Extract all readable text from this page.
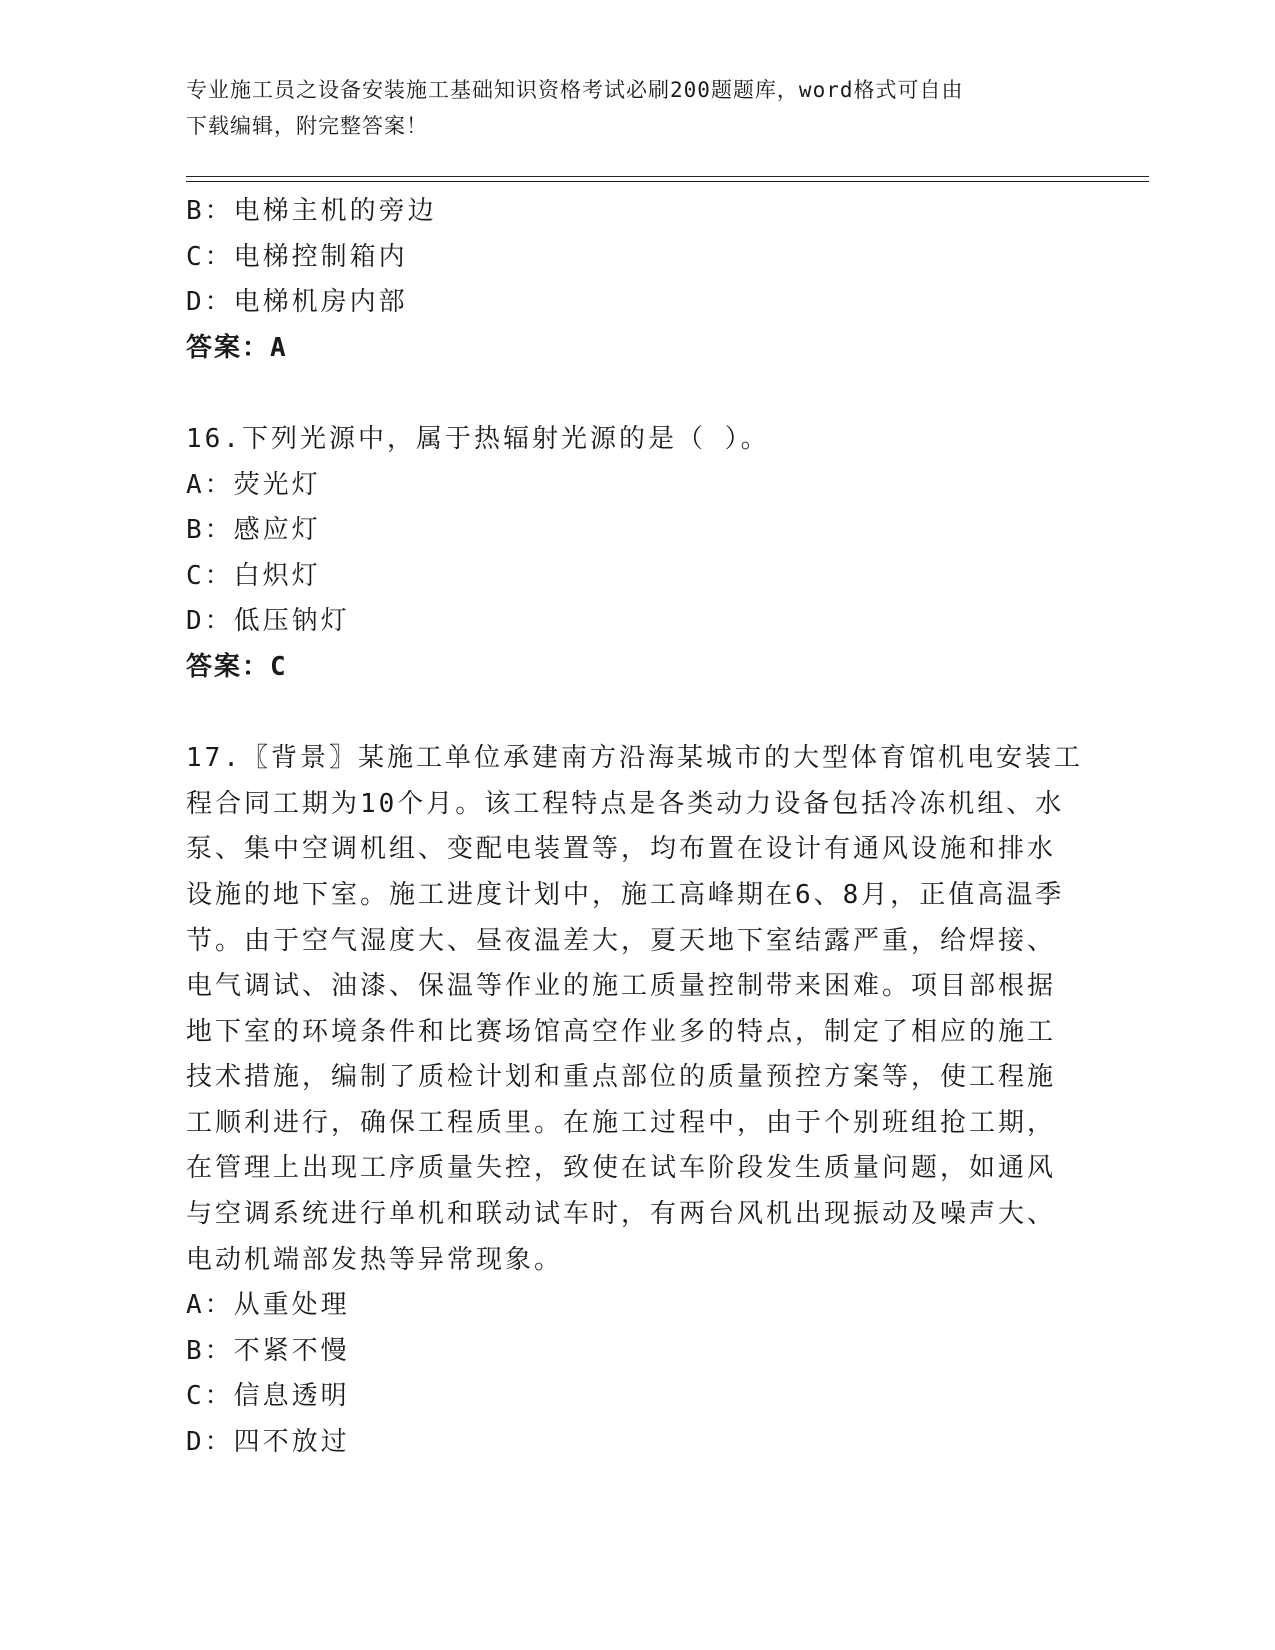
专业施工员之设备安装施工基础知识资格考试必刷200题题库，word格式可自由
下载编辑，附完整答案！
B：电梯主机的旁边
C：电梯控制箱内
D：电梯机房内部
答案：A
16.下列光源中，属于热辐射光源的是（ ）。
A：荧光灯
B：感应灯
C：白炽灯
D：低压钠灯
答案：C
17.〖背景〗某施工单位承建南方沿海某城市的大型体育馆机电安装工
程合同工期为10个月。该工程特点是各类动力设备包括冷冻机组、水
泵、集中空调机组、变配电装置等，均布置在设计有通风设施和排水
设施的地下室。施工进度计划中，施工高峰期在6、8月，正值高温季
节。由于空气湿度大、昼夜温差大，夏天地下室结露严重，给焊接、
电气调试、油漆、保温等作业的施工质量控制带来困难。项目部根据
地下室的环境条件和比赛场馆高空作业多的特点，制定了相应的施工
技术措施，编制了质检计划和重点部位的质量预控方案等，使工程施
工顺利进行，确保工程质里。在施工过程中，由于个别班组抢工期，
在管理上出现工序质量失控，致使在试车阶段发生质量问题，如通风
与空调系统进行单机和联动试车时，有两台风机出现振动及噪声大、
电动机端部发热等异常现象。
A：从重处理
B：不紧不慢
C：信息透明
D：四不放过
